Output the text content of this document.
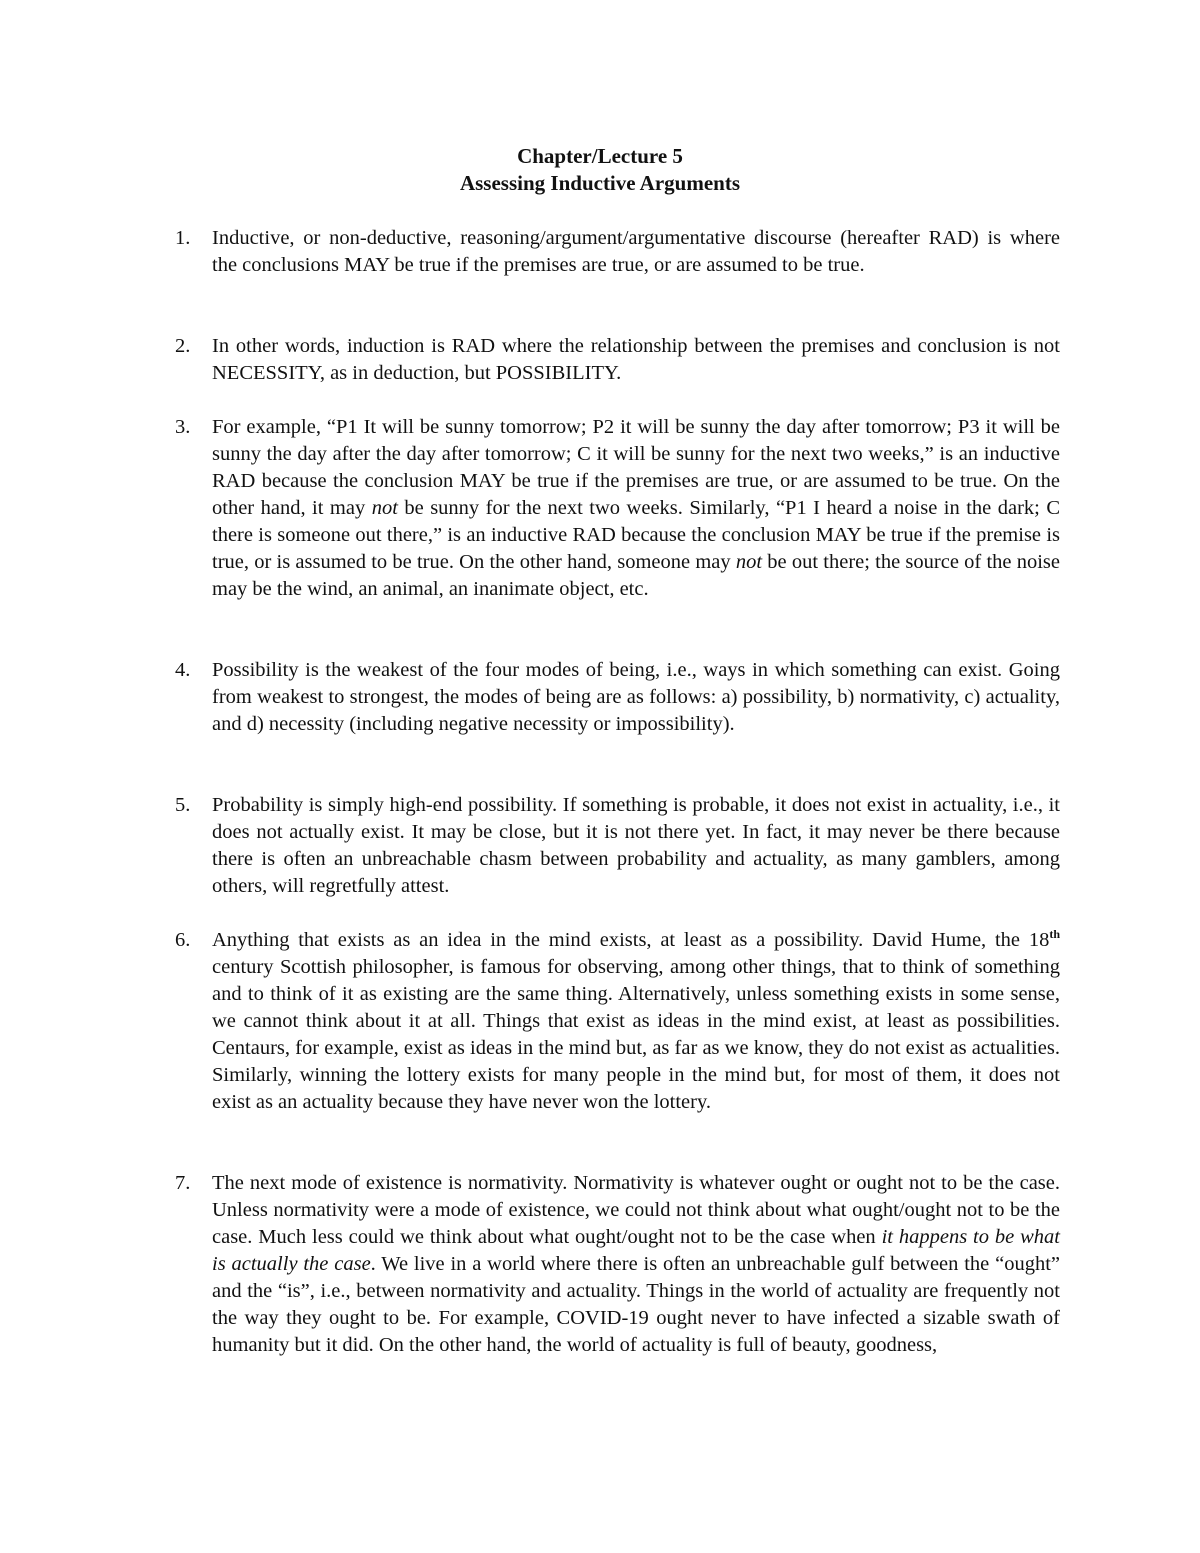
Chapter/Lecture 5
Assessing Inductive Arguments
1.	Inductive, or non-deductive, reasoning/argument/argumentative discourse (hereafter RAD) is where the conclusions MAY be true if the premises are true, or are assumed to be true.
2.	In other words, induction is RAD where the relationship between the premises and conclusion is not NECESSITY, as in deduction, but POSSIBILITY.
3.	For example, “P1 It will be sunny tomorrow; P2 it will be sunny the day after tomorrow; P3 it will be sunny the day after the day after tomorrow; C it will be sunny for the next two weeks,” is an inductive RAD because the conclusion MAY be true if the premises are true, or are assumed to be true. On the other hand, it may not be sunny for the next two weeks. Similarly, “P1 I heard a noise in the dark; C there is someone out there,” is an inductive RAD because the conclusion MAY be true if the premise is true, or is assumed to be true. On the other hand, someone may not be out there; the source of the noise may be the wind, an animal, an inanimate object, etc.
4.	Possibility is the weakest of the four modes of being, i.e., ways in which something can exist. Going from weakest to strongest, the modes of being are as follows: a) possibility, b) normativity, c) actuality, and d) necessity (including negative necessity or impossibility).
5.	Probability is simply high-end possibility. If something is probable, it does not exist in actuality, i.e., it does not actually exist. It may be close, but it is not there yet. In fact, it may never be there because there is often an unbreachable chasm between probability and actuality, as many gamblers, among others, will regretfully attest.
6.	Anything that exists as an idea in the mind exists, at least as a possibility. David Hume, the 18th century Scottish philosopher, is famous for observing, among other things, that to think of something and to think of it as existing are the same thing. Alternatively, unless something exists in some sense, we cannot think about it at all. Things that exist as ideas in the mind exist, at least as possibilities. Centaurs, for example, exist as ideas in the mind but, as far as we know, they do not exist as actualities. Similarly, winning the lottery exists for many people in the mind but, for most of them, it does not exist as an actuality because they have never won the lottery.
7.	The next mode of existence is normativity. Normativity is whatever ought or ought not to be the case. Unless normativity were a mode of existence, we could not think about what ought/ought not to be the case. Much less could we think about what ought/ought not to be the case when it happens to be what is actually the case. We live in a world where there is often an unbreachable gulf between the “ought” and the “is”, i.e., between normativity and actuality. Things in the world of actuality are frequently not the way they ought to be. For example, COVID-19 ought never to have infected a sizable swath of humanity but it did. On the other hand, the world of actuality is full of beauty, goodness,
